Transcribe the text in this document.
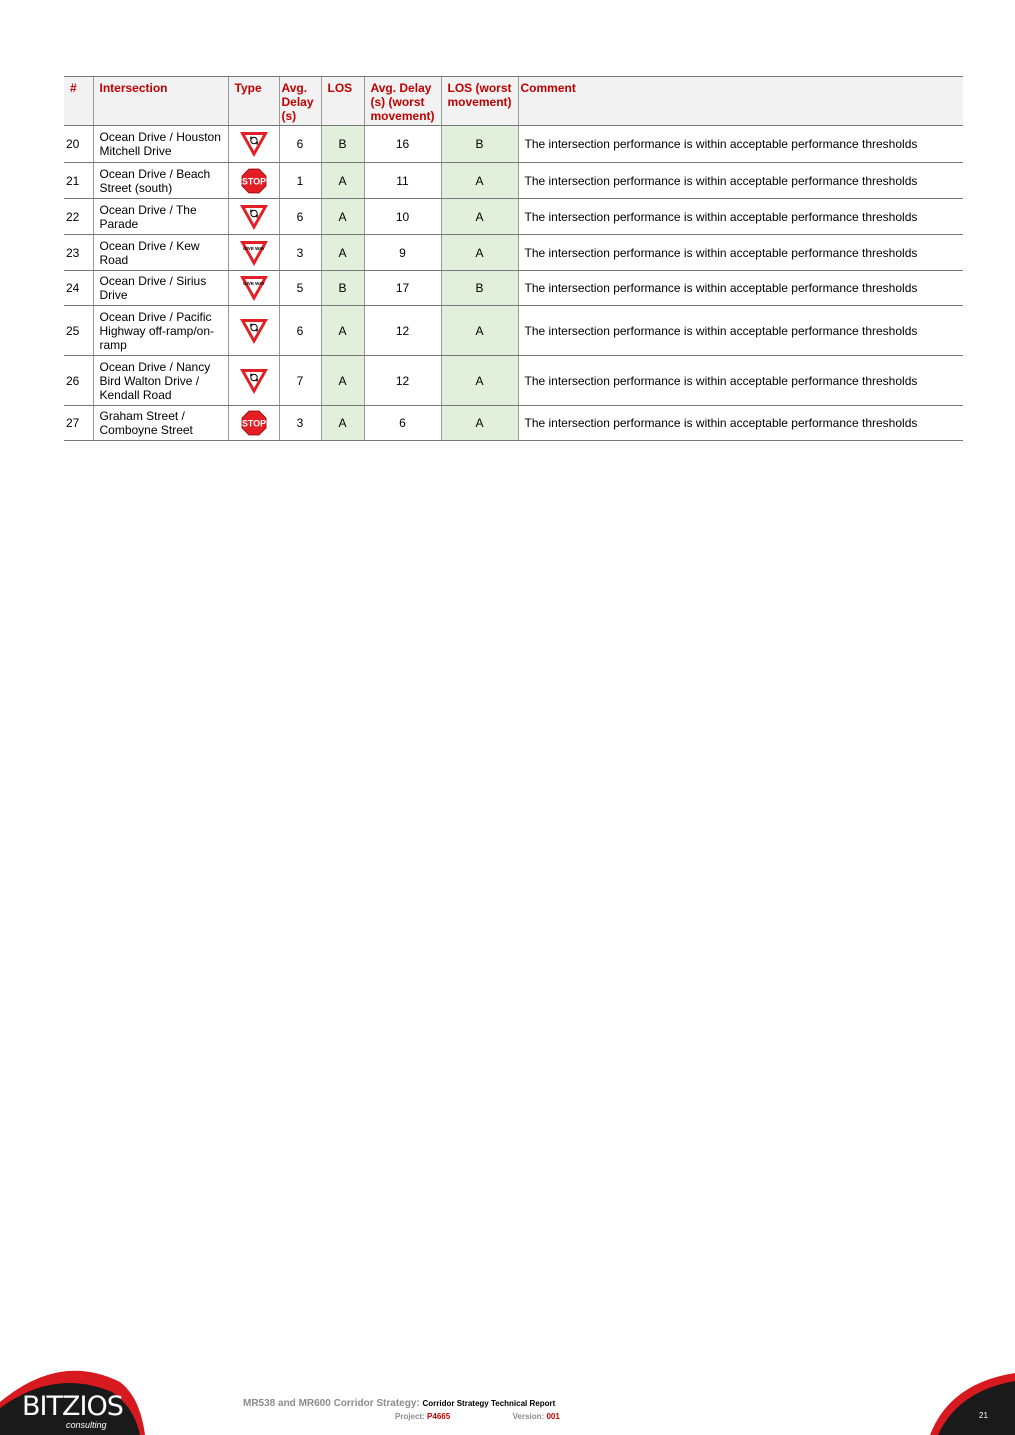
#	Intersection	Type	Avg. Delay (s)	LOS	Avg. Delay (s) (worst movement)	LOS (worst movement)	Comment
20	Ocean Drive / Houston Mitchell Drive		6	B	16	B	The intersection performance is within acceptable performance thresholds
21	Ocean Drive / Beach Street (south)	STOP	1	A	11	A	The intersection performance is within acceptable performance thresholds
22	Ocean Drive / The Parade		6	A	10	A	The intersection performance is within acceptable performance thresholds
23	Ocean Drive / Kew Road	GIVE WAY	3	A	9	A	The intersection performance is within acceptable performance thresholds
24	Ocean Drive / Sirius Drive	GIVE WAY	5	B	17	B	The intersection performance is within acceptable performance thresholds
25	Ocean Drive / Pacific Highway off-ramp/on-ramp		6	A	12	A	The intersection performance is within acceptable performance thresholds
26	Ocean Drive / Nancy Bird Walton Drive / Kendall Road		7	A	12	A	The intersection performance is within acceptable performance thresholds
27	Graham Street / Comboyne Street	STOP	3	A	6	A	The intersection performance is within acceptable performance thresholds
BITZIOS
consulting
MR538 and MR600 Corridor Strategy: Corridor Strategy Technical Report
Project: P4665	Version: 001	21
